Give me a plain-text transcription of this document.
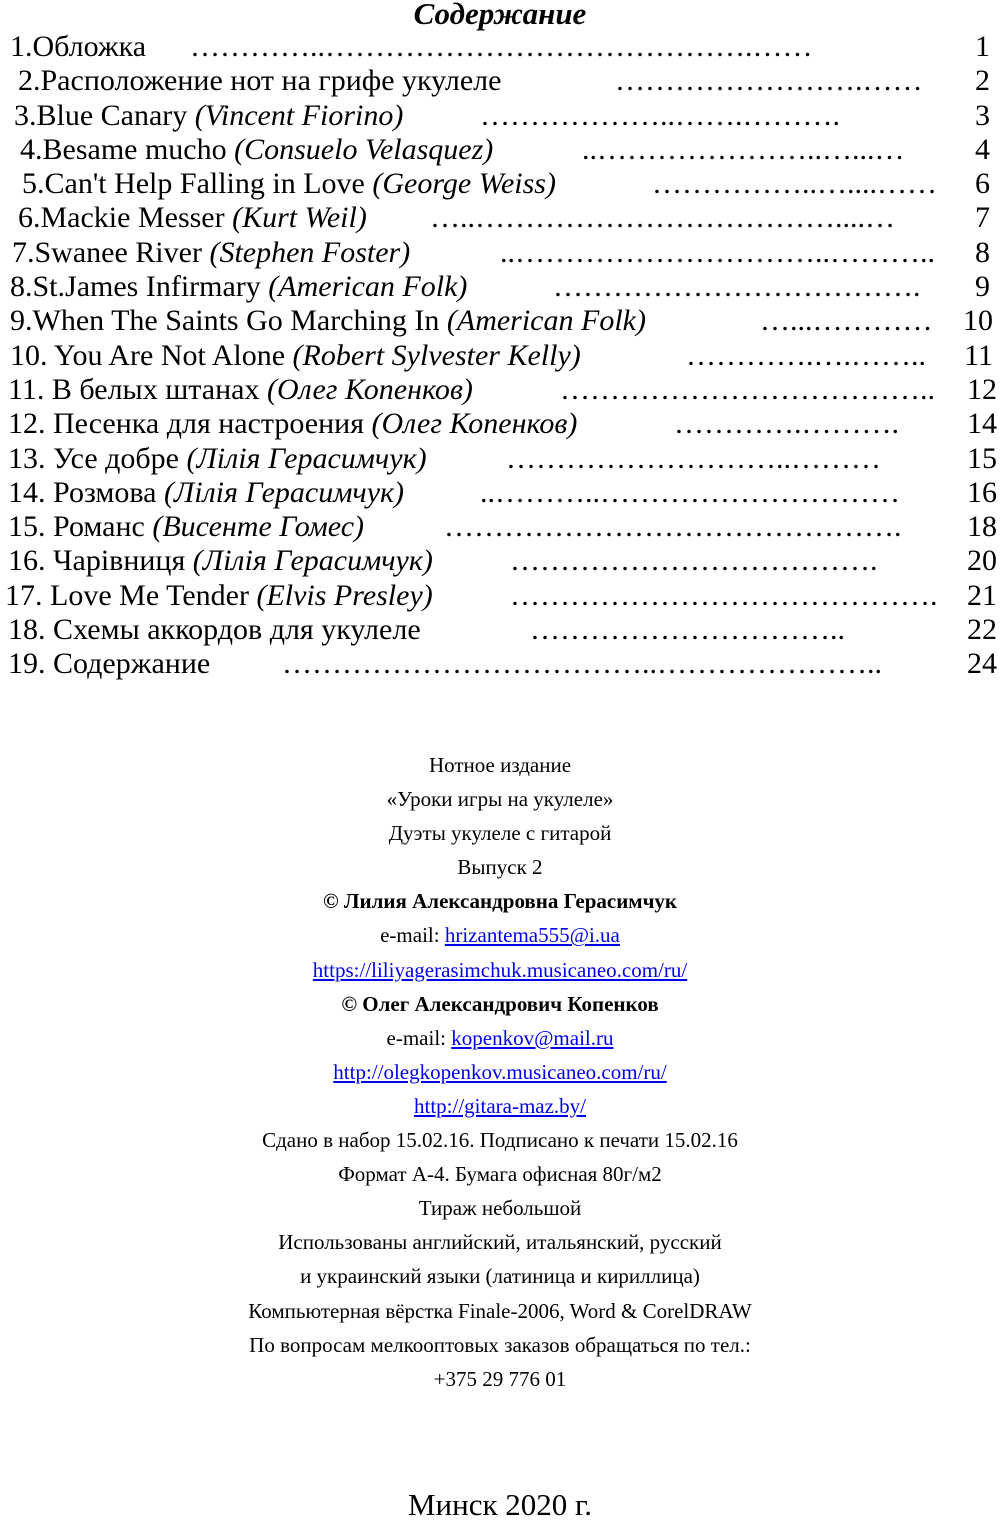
Содержание
1.Обложка	1
…………..…………………………………….……
2.Расположение нот на грифе укулеле	2
…………………….……
3.Blue Canary (Vincent Fiorino)	3
………………..…….……….
4.Besame mucho (Consuelo Velasquez)	4
..…………………..…...…
5.Can't Help Falling in Love (George Weiss)	6
……………..…....……
6.Mackie Messer (Kurt Weil)	7
…..………………………………....…
7.Swanee River (Stephen Foster)	8
..…………………………..………..
8.St.James Infirmary (American Folk)	9
……………………………….
9.When The Saints Go Marching In (American Folk)	10
…...…………
10. You Are Not Alone (Robert Sylvester Kelly)	11
………….….……..
11. В белых штанах (Олег Копенков)	12
………………………………..
12. Песенка для настроения (Олег Копенков)	14
………….……….
13. Усе добре (Лілія Герасимчук)	15
………………………..………
14. Розмова (Лілія Герасимчук)	16
..………..…………………………
15. Романс (Висенте Гомес)	18
……………………………………….
16. Чарівниця (Лілія Герасимчук)	20
……………………………….
17. Love Me Tender (Elvis Presley)	21
…………………………………….
18. Схемы аккордов для укулеле	22
…………………………..
19. Содержание	24
………………………………..…………………..
Нотное издание
«Уроки игры на укулеле»
Дуэты укулеле с гитарой
Выпуск 2
© Лилия Александровна Герасимчук
e-mail: hrizantema555@i.ua
https://liliyagerasimchuk.musicaneo.com/ru/
© Олег Александрович Копенков
e-mail: kopenkov@mail.ru
http://olegkopenkov.musicaneo.com/ru/
http://gitara-maz.by/
Сдано в набор 15.02.16. Подписано к печати 15.02.16
Формат А-4. Бумага офисная 80г/м2
Тираж небольшой
Использованы английский, итальянский, русский
и украинский языки (латиница и кириллица)
Компьютерная вёрстка Finale-2006, Word & CorelDRAW
По вопросам мелкооптовых заказов обращаться по тел.:
+375 29 776 01
Минск 2020 г.
